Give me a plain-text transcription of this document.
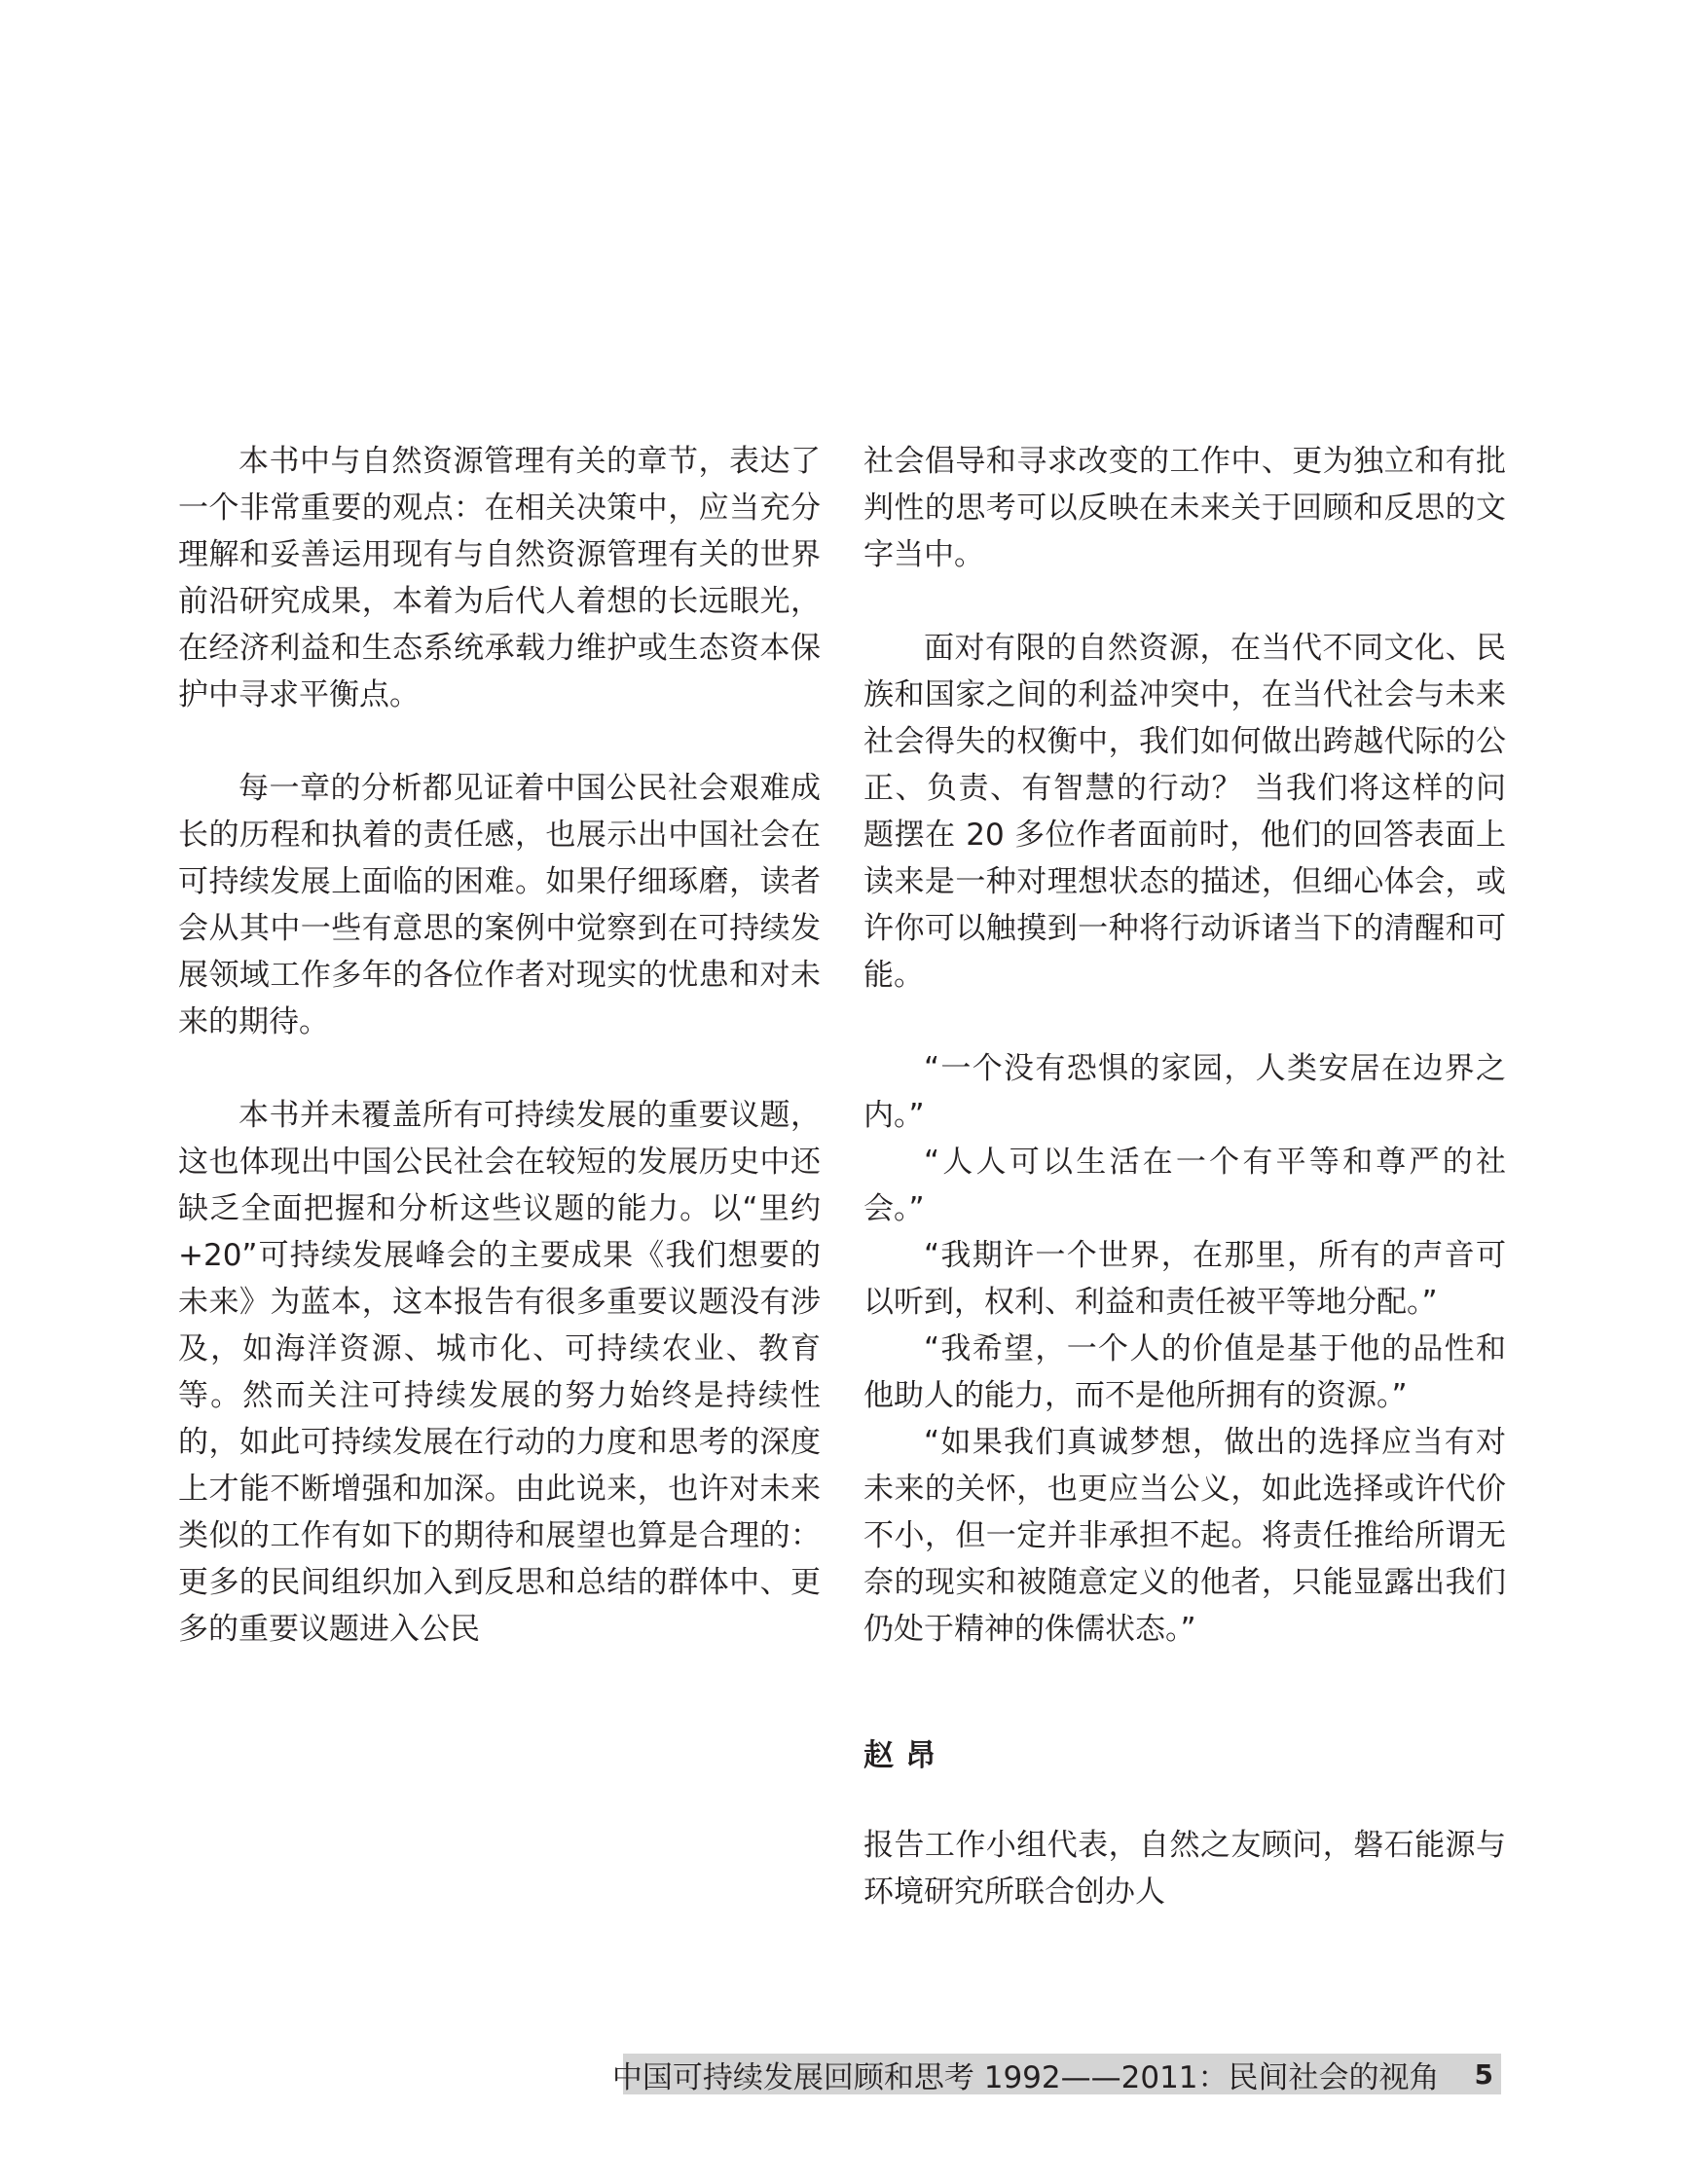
本书中与自然资源管理有关的章节，表达了一个非常重要的观点：在相关决策中，应当充分理解和妥善运用现有与自然资源管理有关的世界前沿研究成果，本着为后代人着想的长远眼光，在经济利益和生态系统承载力维护或生态资本保护中寻求平衡点。

每一章的分析都见证着中国公民社会艰难成长的历程和执着的责任感，也展示出中国社会在可持续发展上面临的困难。如果仔细琢磨，读者会从其中一些有意思的案例中觉察到在可持续发展领域工作多年的各位作者对现实的忧患和对未来的期待。

本书并未覆盖所有可持续发展的重要议题，这也体现出中国公民社会在较短的发展历史中还缺乏全面把握和分析这些议题的能力。以“里约+20”可持续发展峰会的主要成果《我们想要的未来》为蓝本，这本报告有很多重要议题没有涉及，如海洋资源、城市化、可持续农业、教育等。然而关注可持续发展的努力始终是持续性的，如此可持续发展在行动的力度和思考的深度上才能不断增强和加深。由此说来，也许对未来类似的工作有如下的期待和展望也算是合理的：更多的民间组织加入到反思和总结的群体中、更多的重要议题进入公民

社会倡导和寻求改变的工作中、更为独立和有批判性的思考可以反映在未来关于回顾和反思的文字当中。

面对有限的自然资源，在当代不同文化、民族和国家之间的利益冲突中，在当代社会与未来社会得失的权衡中，我们如何做出跨越代际的公正、负责、有智慧的行动？ 当我们将这样的问题摆在 20 多位作者面前时，他们的回答表面上读来是一种对理想状态的描述，但细心体会，或许你可以触摸到一种将行动诉诸当下的清醒和可能。

“一个没有恐惧的家园，人类安居在边界之内。”

“人人可以生活在一个有平等和尊严的社会。”

“我期许一个世界，在那里，所有的声音可以听到，权利、利益和责任被平等地分配。”

“我希望，一个人的价值是基于他的品性和他助人的能力，而不是他所拥有的资源。”

“如果我们真诚梦想，做出的选择应当有对未来的关怀，也更应当公义，如此选择或许代价不小，但一定并非承担不起。将责任推给所谓无奈的现实和被随意定义的他者，只能显露出我们仍处于精神的侏儒状态。”

赵昂
报告工作小组代表，自然之友顾问，磐石能源与环境研究所联合创办人
中国可持续发展回顾和思考 1992——2011：民间社会的视角 5
